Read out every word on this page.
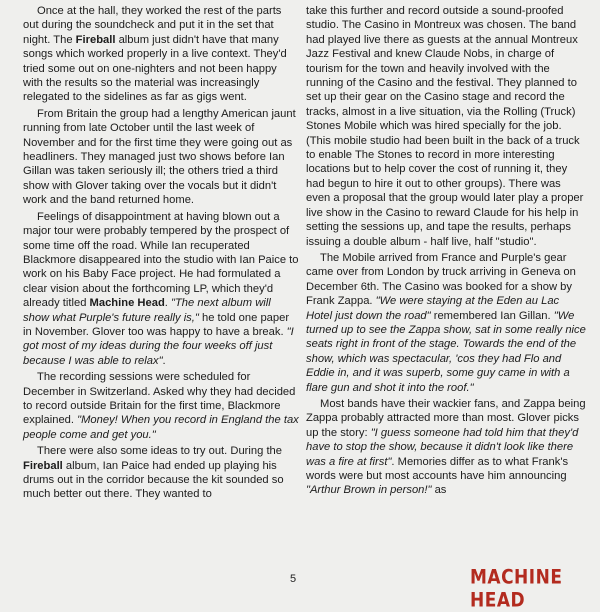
Once at the hall, they worked the rest of the parts out during the soundcheck and put it in the set that night. The Fireball album just didn't have that many songs which worked properly in a live context. They'd tried some out on one-nighters and not been happy with the results so the material was increasingly relegated to the sidelines as far as gigs went.

From Britain the group had a lengthy American jaunt running from late October until the last week of November and for the first time they were going out as headliners. They managed just two shows before Ian Gillan was taken seriously ill; the others tried a third show with Glover taking over the vocals but it didn't work and the band returned home.

Feelings of disappointment at having blown out a major tour were probably tempered by the prospect of some time off the road. While Ian recuperated Blackmore disappeared into the studio with Ian Paice to work on his Baby Face project. He had formulated a clear vision about the forthcoming LP, which they'd already titled Machine Head. "The next album will show what Purple's future really is," he told one paper in November. Glover too was happy to have a break. "I got most of my ideas during the four weeks off just because I was able to relax".

The recording sessions were scheduled for December in Switzerland. Asked why they had decided to record outside Britain for the first time, Blackmore explained. "Money! When you record in England the tax people come and get you."

There were also some ideas to try out. During the Fireball album, Ian Paice had ended up playing his drums out in the corridor because the kit sounded so much better out there. They wanted to

take this further and record outside a sound-proofed studio. The Casino in Montreux was chosen. The band had played live there as guests at the annual Montreux Jazz Festival and knew Claude Nobs, in charge of tourism for the town and heavily involved with the running of the Casino and the festival. They planned to set up their gear on the Casino stage and record the tracks, almost in a live situation, via the Rolling (Truck) Stones Mobile which was hired specially for the job. (This mobile studio had been built in the back of a truck to enable The Stones to record in more interesting locations but to help cover the cost of running it, they had begun to hire it out to other groups). There was even a proposal that the group would later play a proper live show in the Casino to reward Claude for his help in setting the sessions up, and tape the results, perhaps issuing a double album - half live, half "studio".

The Mobile arrived from France and Purple's gear came over from London by truck arriving in Geneva on December 6th. The Casino was booked for a show by Frank Zappa. "We were staying at the Eden au Lac Hotel just down the road" remembered Ian Gillan. "We turned up to see the Zappa show, sat in some really nice seats right in front of the stage. Towards the end of the show, which was spectacular, 'cos they had Flo and Eddie in, and it was superb, some guy came in with a flare gun and shot it into the roof."

Most bands have their wackier fans, and Zappa being Zappa probably attracted more than most. Glover picks up the story: "I guess someone had told him that they'd have to stop the show, because it didn't look like there was a fire at first". Memories differ as to what Frank's words were but most accounts have him announcing "Arthur Brown in person!" as

5	MACHINE HEAD
